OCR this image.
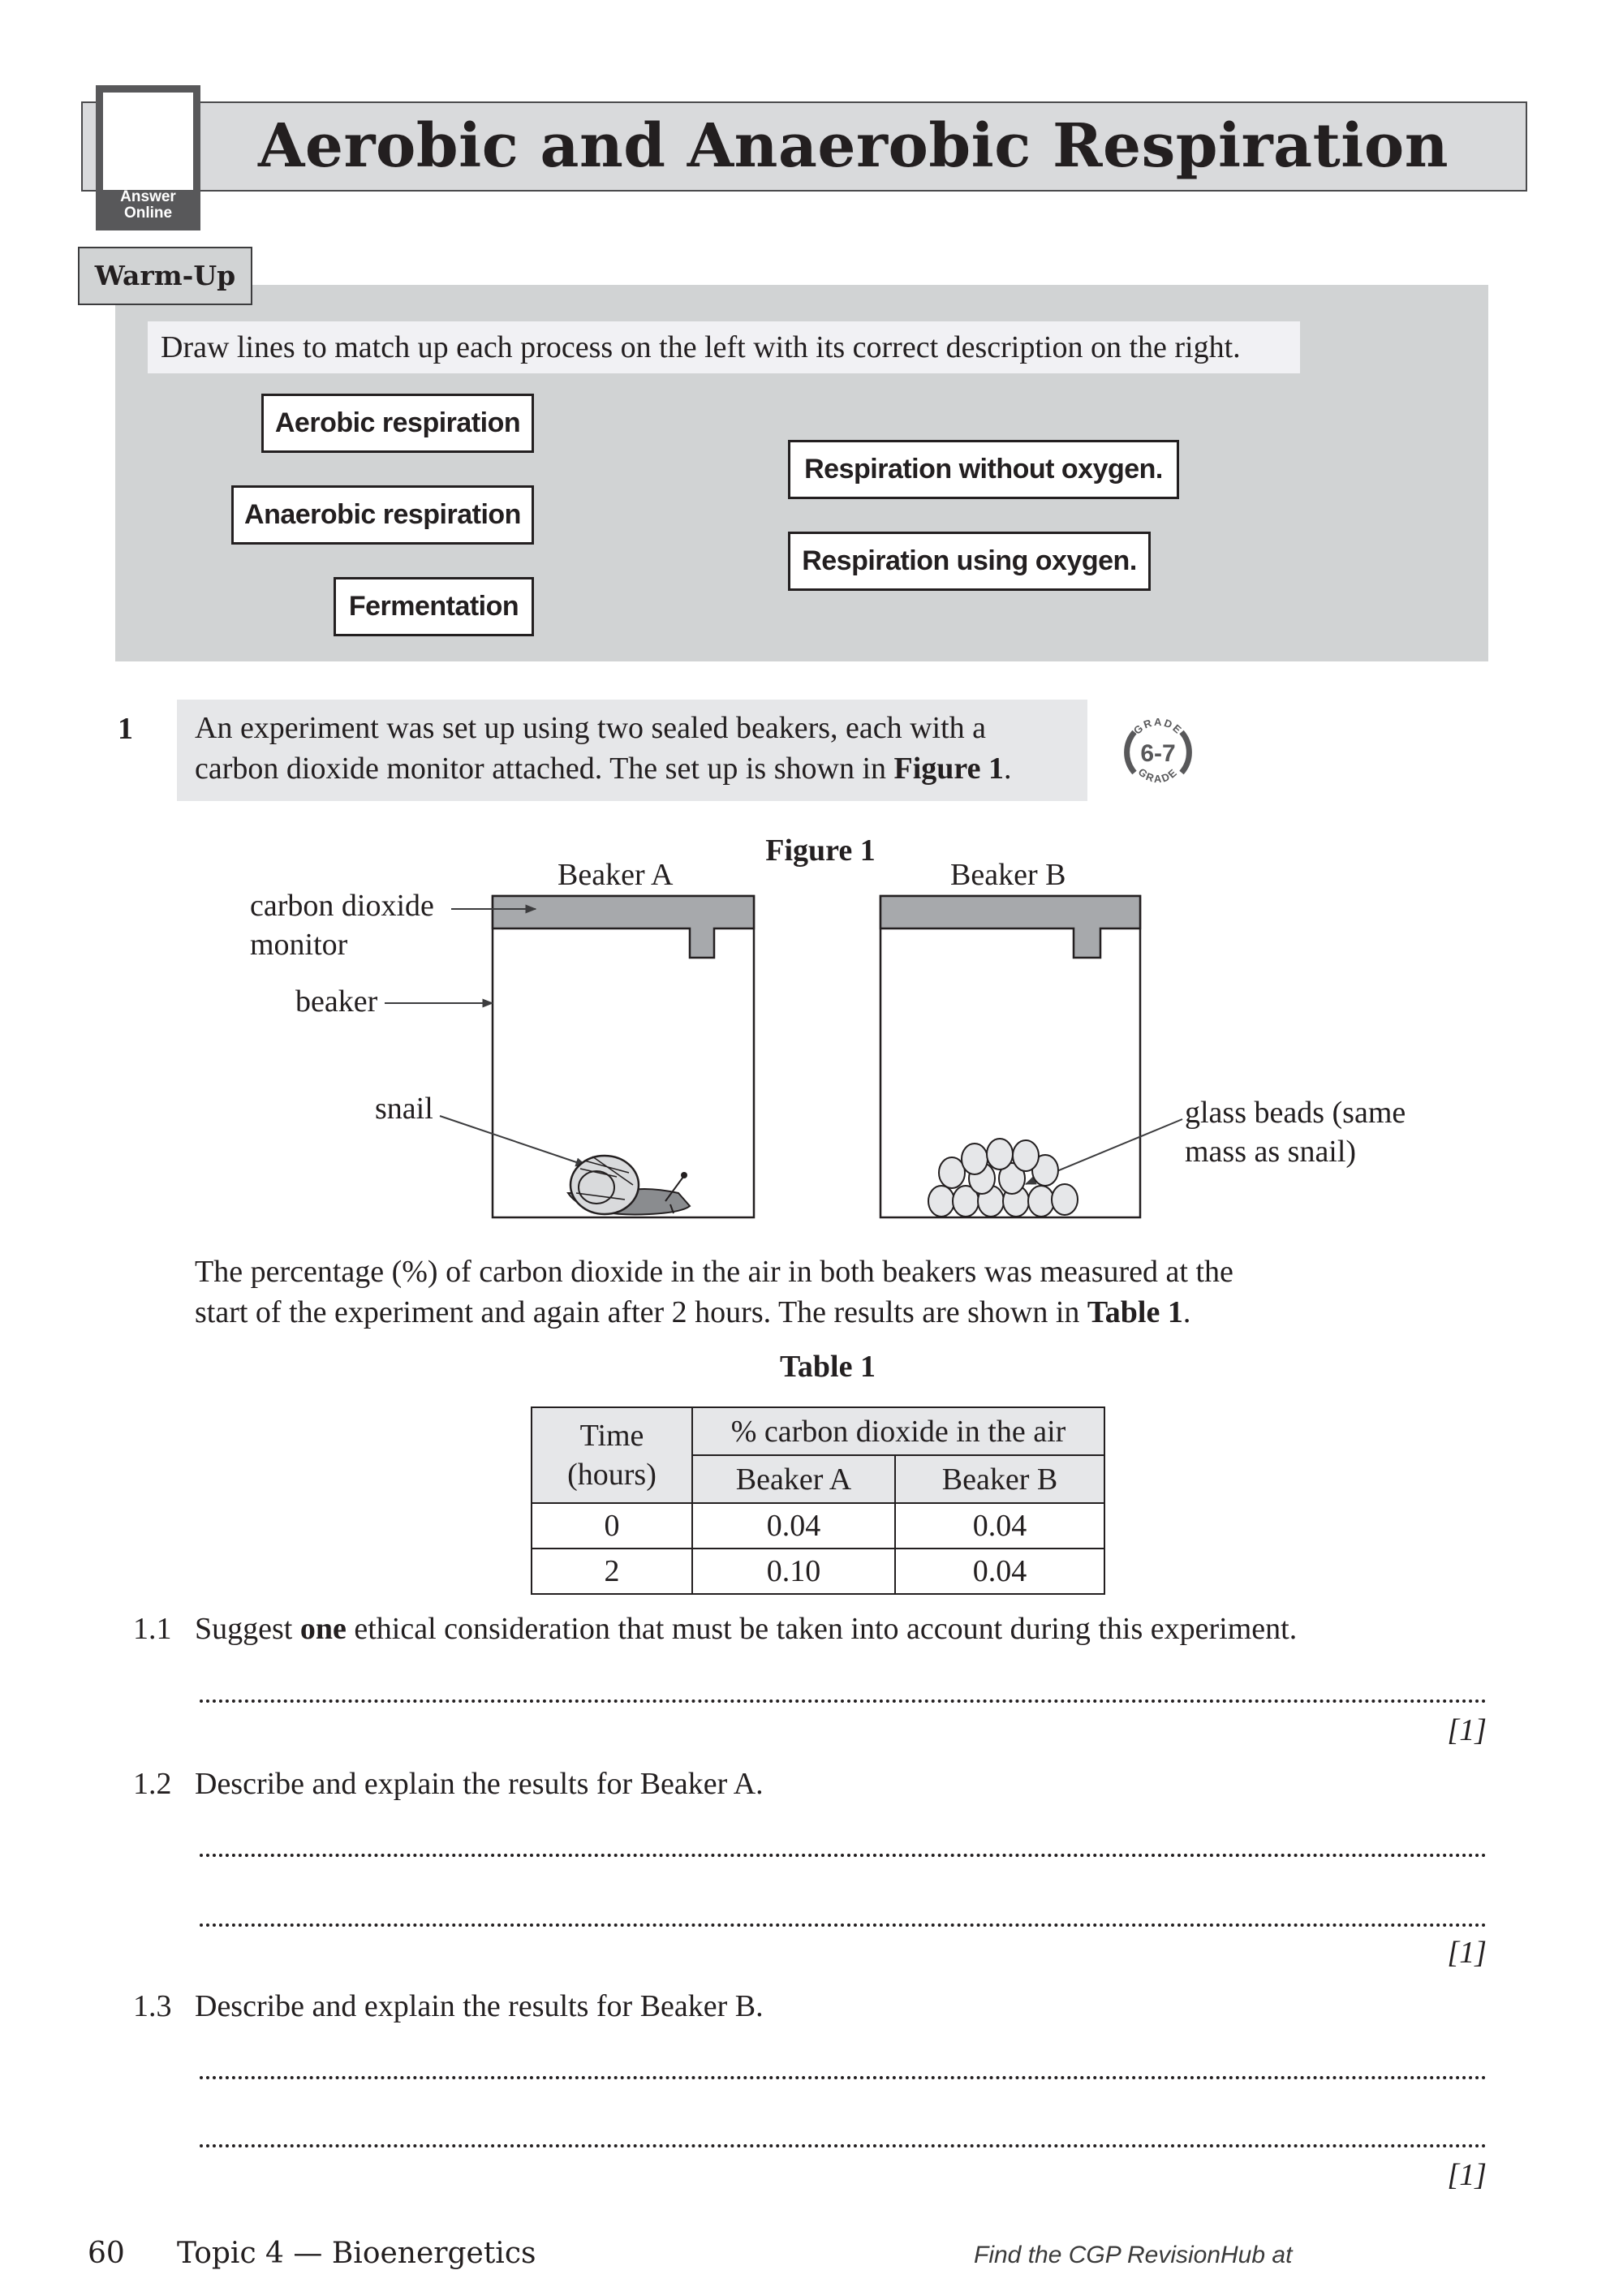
Answer
Online
Aerobic and Anaerobic Respiration
Warm-Up
Draw lines to match up each process on the left with its correct description on the right.
Aerobic respiration
Anaerobic respiration
Fermentation
Respiration without oxygen.
Respiration using oxygen.
1 An experiment was set up using two sealed beakers, each with a
carbon dioxide monitor attached. The set up is shown in Figure 1.
GRADE
GRADE
6-7
Figure 1
Beaker A	Beaker B
carbon dioxide
monitor
beaker
snail	glass beads (same
mass as snail)
The percentage (%) of carbon dioxide in the air in both beakers was measured at the
start of the experiment and again after 2 hours. The results are shown in Table 1.
Table 1
Time
(hours)	% carbon dioxide in the air	
	Beaker A	Beaker B
0	0.04	0.04
2	0.10	0.04
1.1 Suggest one ethical consideration that must be taken into account during this experiment.
[1]
1.2 Describe and explain the results for Beaker A.
[1]
1.3 Describe and explain the results for Beaker B.
[1]
60 Topic 4 — Bioenergetics	Find the CGP RevisionHub at
